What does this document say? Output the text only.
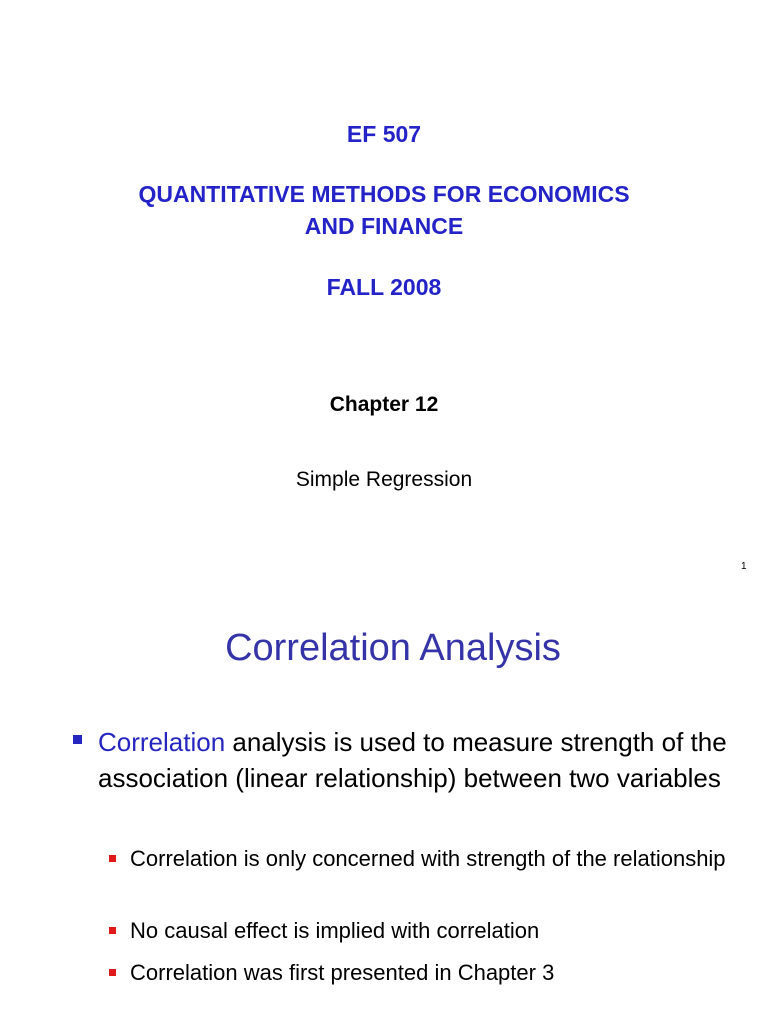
EF 507
QUANTITATIVE METHODS FOR ECONOMICS
AND FINANCE
FALL 2008
Chapter 12
Simple Regression
1
Correlation Analysis
Correlation analysis is used to measure strength of the association (linear relationship) between two variables
Correlation is only concerned with strength of the relationship
No causal effect is implied with correlation
Correlation was first presented in Chapter 3
